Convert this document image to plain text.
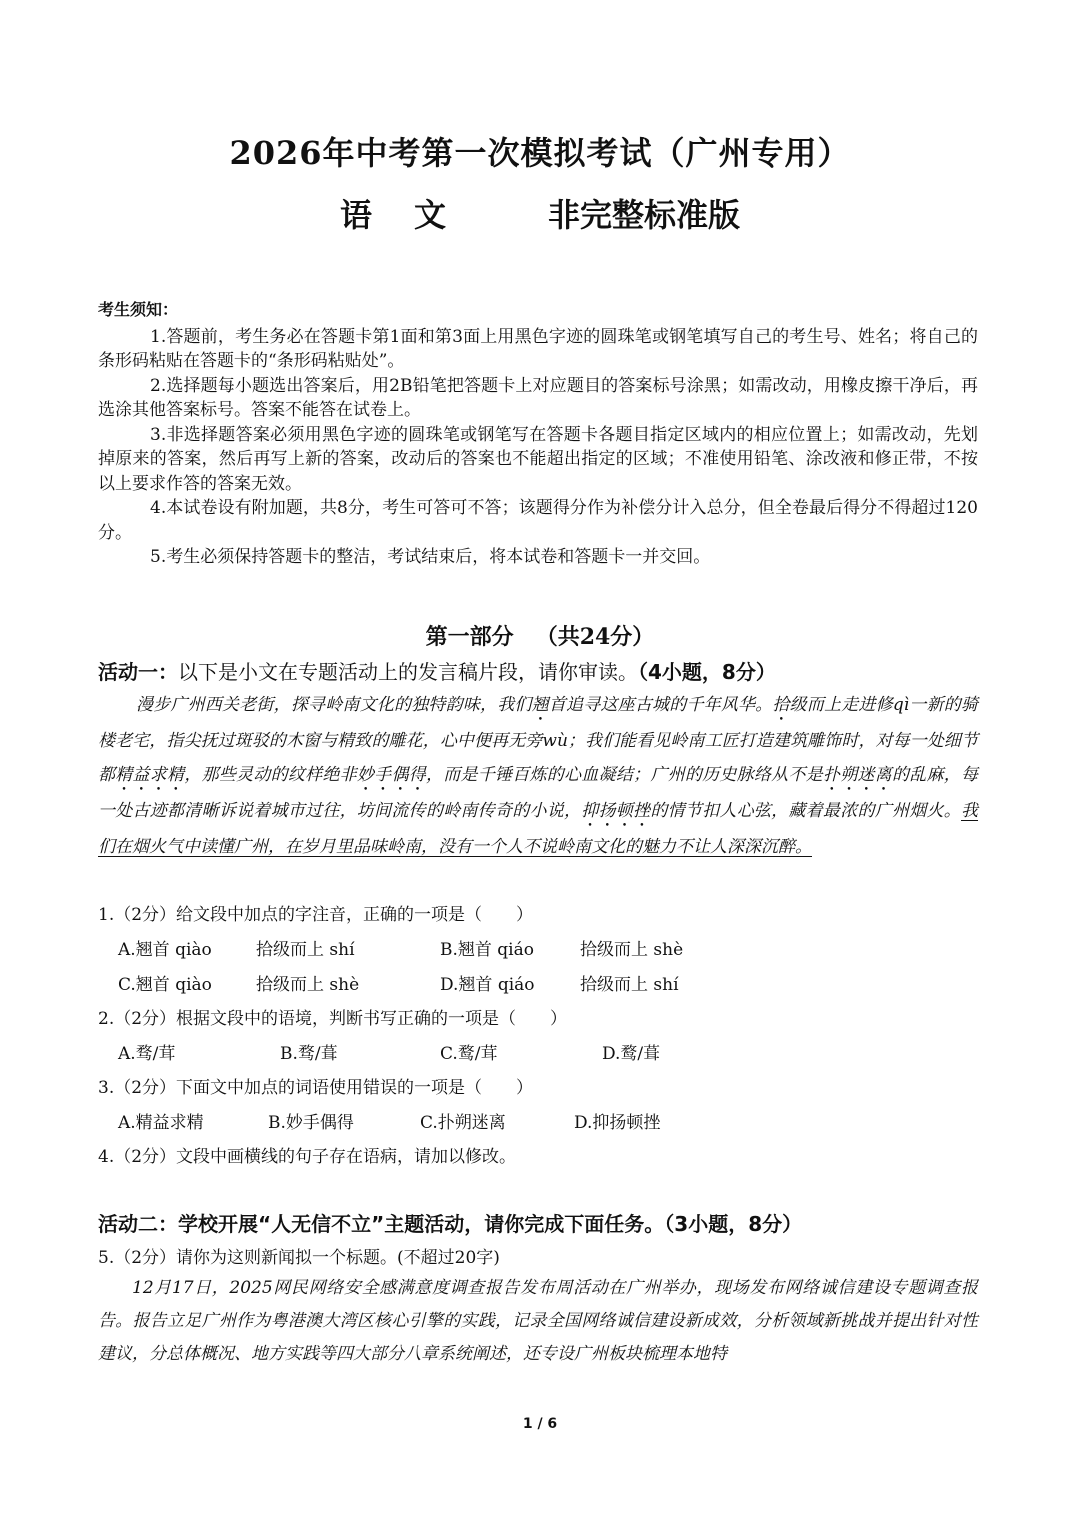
2026年中考第一次模拟考试（广州专用）
语文 非完整标准版
考生须知：
1.答题前，考生务必在答题卡第1面和第3面上用黑色字迹的圆珠笔或钢笔填写自己的考生号、姓名；将自己的条形码粘贴在答题卡的“条形码粘贴处”。
2.选择题每小题选出答案后，用2B铅笔把答题卡上对应题目的答案标号涂黑；如需改动，用橡皮擦干净后，再选涂其他答案标号。答案不能答在试卷上。
3.非选择题答案必须用黑色字迹的圆珠笔或钢笔写在答题卡各题目指定区域内的相应位置上；如需改动，先划掉原来的答案，然后再写上新的答案，改动后的答案也不能超出指定的区域；不准使用铅笔、涂改液和修正带，不按以上要求作答的答案无效。
4.本试卷设有附加题，共8分，考生可答可不答；该题得分作为补偿分计入总分，但全卷最后得分不得超过120分。
5.考生必须保持答题卡的整洁，考试结束后，将本试卷和答题卡一并交回。
第一部分 （共24分）
活动一：以下是小文在专题活动上的发言稿片段，请你审读。（4小题，8分）

漫步广州西关老街，探寻岭南文化的独特韵味，我们翘首追寻这座古城的千年风华。拾级而上走进修qì一新的骑楼老宅，指尖抚过斑驳的木窗与精致的雕花，心中便再无旁wù；我们能看见岭南工匠打造建筑雕饰时，对每一处细节都精益求精，那些灵动的纹样绝非妙手偶得，而是千锤百炼的心血凝结；广州的历史脉络从不是扑朔迷离的乱麻，每一处古迹都清晰诉说着城市过往，坊间流传的岭南传奇的小说，抑扬顿挫的情节扣人心弦，藏着最浓的广州烟火。我们在烟火气中读懂广州，在岁月里品味岭南，没有一个人不说岭南文化的魅力不让人深深沉醉。

1.（2分）给文段中加点的字注音，正确的一项是（　　）
A.翘首 qiào	拾级而上 shí	B.翘首 qiáo	拾级而上 shè
C.翘首 qiào	拾级而上 shè	D.翘首 qiáo	拾级而上 shí
2.（2分）根据文段中的语境，判断书写正确的一项是（　　）
A.骛/茸	B.骛/葺	C.鹜/茸	D.鹜/葺
3.（2分）下面文中加点的词语使用错误的一项是（　　）
A.精益求精	B.妙手偶得	C.扑朔迷离	D.抑扬顿挫
4.（2分）文段中画横线的句子存在语病，请加以修改。
活动二：学校开展“人无信不立”主题活动，请你完成下面任务。（3小题，8分）
5.（2分）请你为这则新闻拟一个标题。(不超过20字)

12月17日，2025网民网络安全感满意度调查报告发布周活动在广州举办，现场发布网络诚信建设专题调查报告。报告立足广州作为粤港澳大湾区核心引擎的实践，记录全国网络诚信建设新成效，分析领域新挑战并提出针对性建议，分总体概况、地方实践等四大部分八章系统阐述，还专设广州板块梳理本地特

1 / 6
